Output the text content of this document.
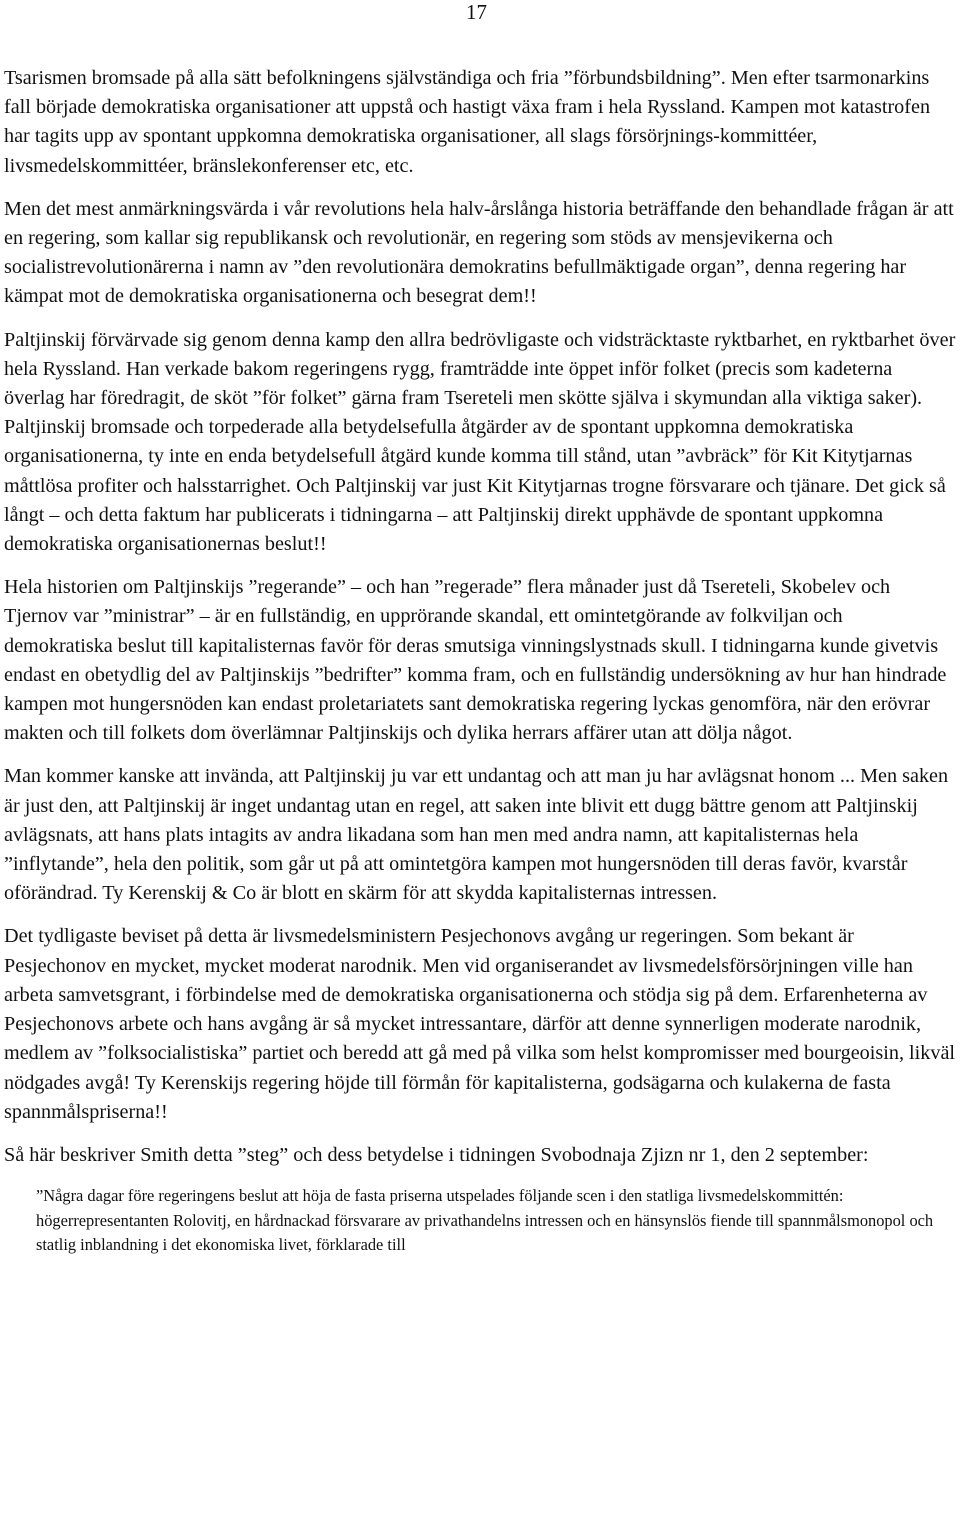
17

Tsarismen bromsade på alla sätt befolkningens självständiga och fria ”förbundsbildning”. Men efter tsarmonarkins fall började demokratiska organisationer att uppstå och hastigt växa fram i hela Ryssland. Kampen mot katastrofen har tagits upp av spontant uppkomna demokratiska organisationer, all slags försörjnings-kommittéer, livsmedelskommittéer, bränslekonferenser etc, etc.

Men det mest anmärkningsvärda i vår revolutions hela halv-årslånga historia beträffande den behandlade frågan är att en regering, som kallar sig republikansk och revolutionär, en regering som stöds av mensjevikerna och socialistrevolutionärerna i namn av ”den revolutionära demokratins befullmäktigade organ”, denna regering har kämpat mot de demokratiska organisationerna och besegrat dem!!

Paltjinskij förvärvade sig genom denna kamp den allra bedrövligaste och vidsträcktaste ryktbarhet, en ryktbarhet över hela Ryssland. Han verkade bakom regeringens rygg, framträdde inte öppet inför folket (precis som kadeterna överlag har föredragit, de sköt ”för folket” gärna fram Tsereteli men skötte själva i skymundan alla viktiga saker). Paltjinskij bromsade och torpederade alla betydelsefulla åtgärder av de spontant uppkomna demokratiska organisationerna, ty inte en enda betydelsefull åtgärd kunde komma till stånd, utan ”avbräck” för Kit Kitytjarnas måttlösa profiter och halsstarrighet. Och Paltjinskij var just Kit Kitytjarnas trogne försvarare och tjänare. Det gick så långt – och detta faktum har publicerats i tidningarna – att Paltjinskij direkt upphävde de spontant uppkomna demokratiska organisationernas beslut!!

Hela historien om Paltjinskijs ”regerande” – och han ”regerade” flera månader just då Tsereteli, Skobelev och Tjernov var ”ministrar” – är en fullständig, en upprörande skandal, ett omintetgörande av folkviljan och demokratiska beslut till kapitalisternas favör för deras smutsiga vinningslystnads skull. I tidningarna kunde givetvis endast en obetydlig del av Paltjinskijs ”bedrifter” komma fram, och en fullständig undersökning av hur han hindrade kampen mot hungersnöden kan endast proletariatets sant demokratiska regering lyckas genomföra, när den erövrar makten och till folkets dom överlämnar Paltjinskijs och dylika herrars affärer utan att dölja något.

Man kommer kanske att invända, att Paltjinskij ju var ett undantag och att man ju har avlägsnat honom ... Men saken är just den, att Paltjinskij är inget undantag utan en regel, att saken inte blivit ett dugg bättre genom att Paltjinskij avlägsnats, att hans plats intagits av andra likadana som han men med andra namn, att kapitalisternas hela ”inflytande”, hela den politik, som går ut på att omintetgöra kampen mot hungersnöden till deras favör, kvarstår oförändrad. Ty Kerenskij & Co är blott en skärm för att skydda kapitalisternas intressen.

Det tydligaste beviset på detta är livsmedelsministern Pesjechonovs avgång ur regeringen. Som bekant är Pesjechonov en mycket, mycket moderat narodnik. Men vid organiserandet av livsmedelsförsörjningen ville han arbeta samvetsgrant, i förbindelse med de demokratiska organisationerna och stödja sig på dem. Erfarenheterna av Pesjechonovs arbete och hans avgång är så mycket intressantare, därför att denne synnerligen moderate narodnik, medlem av ”folksocialistiska” partiet och beredd att gå med på vilka som helst kompromisser med bourgeoisin, likväl nödgades avgå! Ty Kerenskijs regering höjde till förmån för kapitalisterna, godsägarna och kulakerna de fasta spannmålspriserna!!

Så här beskriver Smith detta ”steg” och dess betydelse i tidningen Svobodnaja Zjizn nr 1, den 2 september:

”Några dagar före regeringens beslut att höja de fasta priserna utspelades följande scen i den statliga livsmedelskommittén: högerrepresentanten Rolovitj, en hårdnackad försvarare av privathandelns intressen och en hänsynslös fiende till spannmålsmonopol och statlig inblandning i det ekonomiska livet, förklarade till
